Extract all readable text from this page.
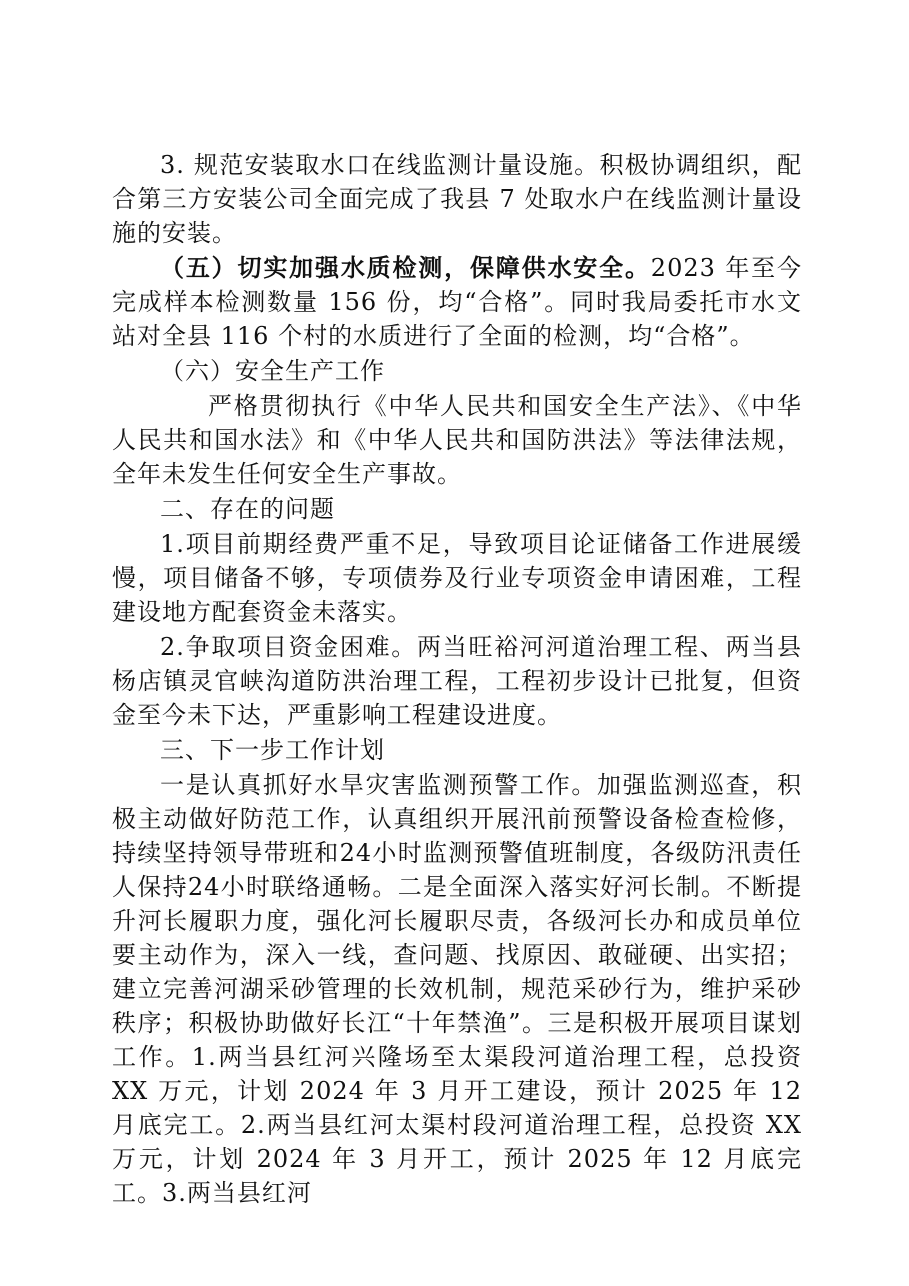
3. 规范安装取水口在线监测计量设施。积极协调组织，配合第三方安装公司全面完成了我县 7 处取水户在线监测计量设施的安装。

（五）切实加强水质检测，保障供水安全。2023 年至今完成样本检测数量 156 份，均“合格”。同时我局委托市水文站对全县 116 个村的水质进行了全面的检测，均“合格”。

（六）安全生产工作

严格贯彻执行《中华人民共和国安全生产法》、《中华人民共和国水法》和《中华人民共和国防洪法》等法律法规，全年未发生任何安全生产事故。

二、存在的问题

1.项目前期经费严重不足，导致项目论证储备工作进展缓慢，项目储备不够，专项债券及行业专项资金申请困难，工程建设地方配套资金未落实。

2.争取项目资金困难。两当旺裕河河道治理工程、两当县杨店镇灵官峡沟道防洪治理工程，工程初步设计已批复，但资金至今未下达，严重影响工程建设进度。

三、下一步工作计划

一是认真抓好水旱灾害监测预警工作。加强监测巡查，积极主动做好防范工作，认真组织开展汛前预警设备检查检修，持续坚持领导带班和24小时监测预警值班制度，各级防汛责任人保持24小时联络通畅。二是全面深入落实好河长制。不断提升河长履职力度，强化河长履职尽责，各级河长办和成员单位要主动作为，深入一线，查问题、找原因、敢碰硬、出实招；建立完善河湖采砂管理的长效机制，规范采砂行为，维护采砂秩序；积极协助做好长江“十年禁渔”。三是积极开展项目谋划工作。1.两当县红河兴隆场至太渠段河道治理工程，总投资 XX 万元，计划 2024 年 3 月开工建设，预计 2025 年 12 月底完工。2.两当县红河太渠村段河道治理工程，总投资 XX 万元，计划 2024 年 3 月开工，预计 2025 年 12 月底完工。3.两当县红河
